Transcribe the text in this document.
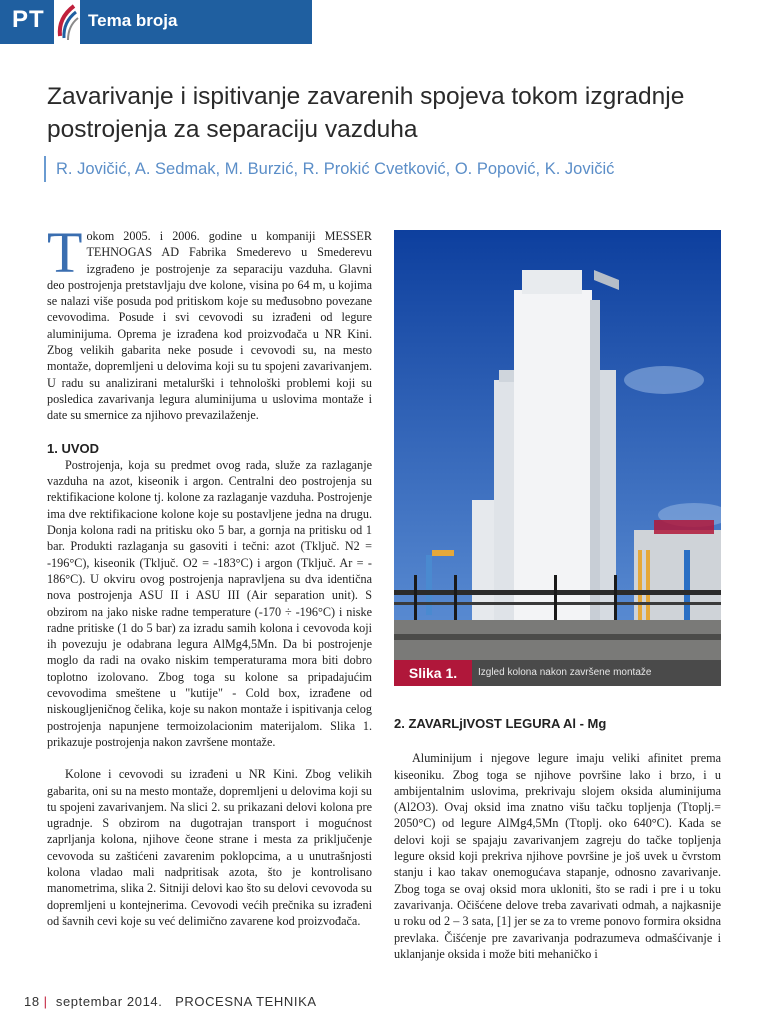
PT	Tema broja
Zavarivanje i ispitivanje zavarenih spojeva tokom izgradnje postrojenja za separaciju vazduha
R. Jovičić, A. Sedmak, M. Burzić, R. Prokić Cvetković, O. Popović, K. Jovičić

Tokom 2005. i 2006. godine u kompaniji MESSER TEHNOGAS AD Fabrika Smederevo u Smederevu izgrađeno je postrojenje za separaciju vazduha. Glavni deo postrojenja pretstavljaju dve kolone, visina po 64 m, u kojima se nalazi više posuda pod pritiskom koje su međusobno povezane cevovodima. Posude i svi cevovodi su izrađeni od legure aluminijuma. Oprema je izrađena kod proizvođača u NR Kini. Zbog velikih gabarita neke posude i cevovodi su, na mesto montaže, dopremljeni u delovima koji su tu spojeni zavarivanjem. U radu su analizirani metalurški i tehnološki problemi koji su posledica zavarivanja legura aluminijuma u uslovima montaže i date su smernice za njihovo prevazilaženje.

1. UVOD

Postrojenja, koja su predmet ovog rada, služe za razlaganje vazduha na azot, kiseonik i argon. Centralni deo postrojenja su rektifikacione kolone tj. kolone za razlaganje vazduha. Postrojenje ima dve rektifikacione kolone koje su postavljene jedna na drugu. Donja kolona radi na pritisku oko 5 bar, a gornja na pritisku od 1 bar. Produkti razlaganja su gasoviti i tečni: azot (Tključ. N2 = -196°C), kiseonik (Tključ. O2 = -183°C) i argon (Tključ. Ar = - 186°C). U okviru ovog postrojenja napravljena su dva identična nova postrojenja ASU II i ASU III (Air separation unit). S obzirom na jako niske radne temperature (-170 ÷ -196°C) i niske radne pritiske (1 do 5 bar) za izradu samih kolona i cevovoda koji ih povezuju je odabrana legura AlMg4,5Mn. Da bi postrojenje moglo da radi na ovako niskim temperaturama mora biti dobro toplotno izolovano. Zbog toga su kolone sa pripadajućim cevovodima smeštene u "kutije" - Cold box, izrađene od niskougljeničnog čelika, koje su nakon montaže i ispitivanja celog postrojenja napunjene termoizolacionim materijalom. Slika 1. prikazuje postrojenja nakon završene montaže.

Kolone i cevovodi su izrađeni u NR Kini. Zbog velikih gabarita, oni su na mesto montaže, dopremljeni u delovima koji su tu spojeni zavarivanjem. Na slici 2. su prikazani delovi kolona pre ugradnje. S obzirom na dugotrajan transport i mogućnost zaprljanja kolona, njihove čeone strane i mesta za priključenje cevovoda su zaštićeni zavarenim poklopcima, a u unutrašnjosti kolona vladao mali nadpritisak azota, što je kontrolisano manometrima, slika 2. Sitniji delovi kao što su delovi cevovoda su dopremljeni u kontejnerima. Cevovodi većih prečnika su izrađeni od šavnih cevi koje su već delimično zavarene kod proizvođača.

Slika 1.	Izgled kolona nakon završene montaže
2. ZAVARLjIVOST LEGURA Al - Mg

Aluminijum i njegove legure imaju veliki afinitet prema kiseoniku. Zbog toga se njihove površine lako i brzo, i u ambijentalnim uslovima, prekrivaju slojem oksida aluminijuma (Al2O3). Ovaj oksid ima znatno višu tačku topljenja (Ttoplj.= 2050°C) od legure AlMg4,5Mn (Ttoplj. oko 640°C). Kada se delovi koji se spajaju zavarivanjem zagreju do tačke topljenja legure oksid koji prekriva njihove površine je još uvek u čvrstom stanju i kao takav onemogućava stapanje, odnosno zavarivanje. Zbog toga se ovaj oksid mora ukloniti, što se radi i pre i u toku zavarivanja. Očišćene delove treba zavarivati odmah, a najkasnije u roku od 2 – 3 sata, [1] jer se za to vreme ponovo formira oksidna prevlaka. Čišćenje pre zavarivanja podrazumeva odmašćivanje i uklanjanje oksida i može biti mehaničko i

18 | septembar 2014. PROCESNA TEHNIKA
